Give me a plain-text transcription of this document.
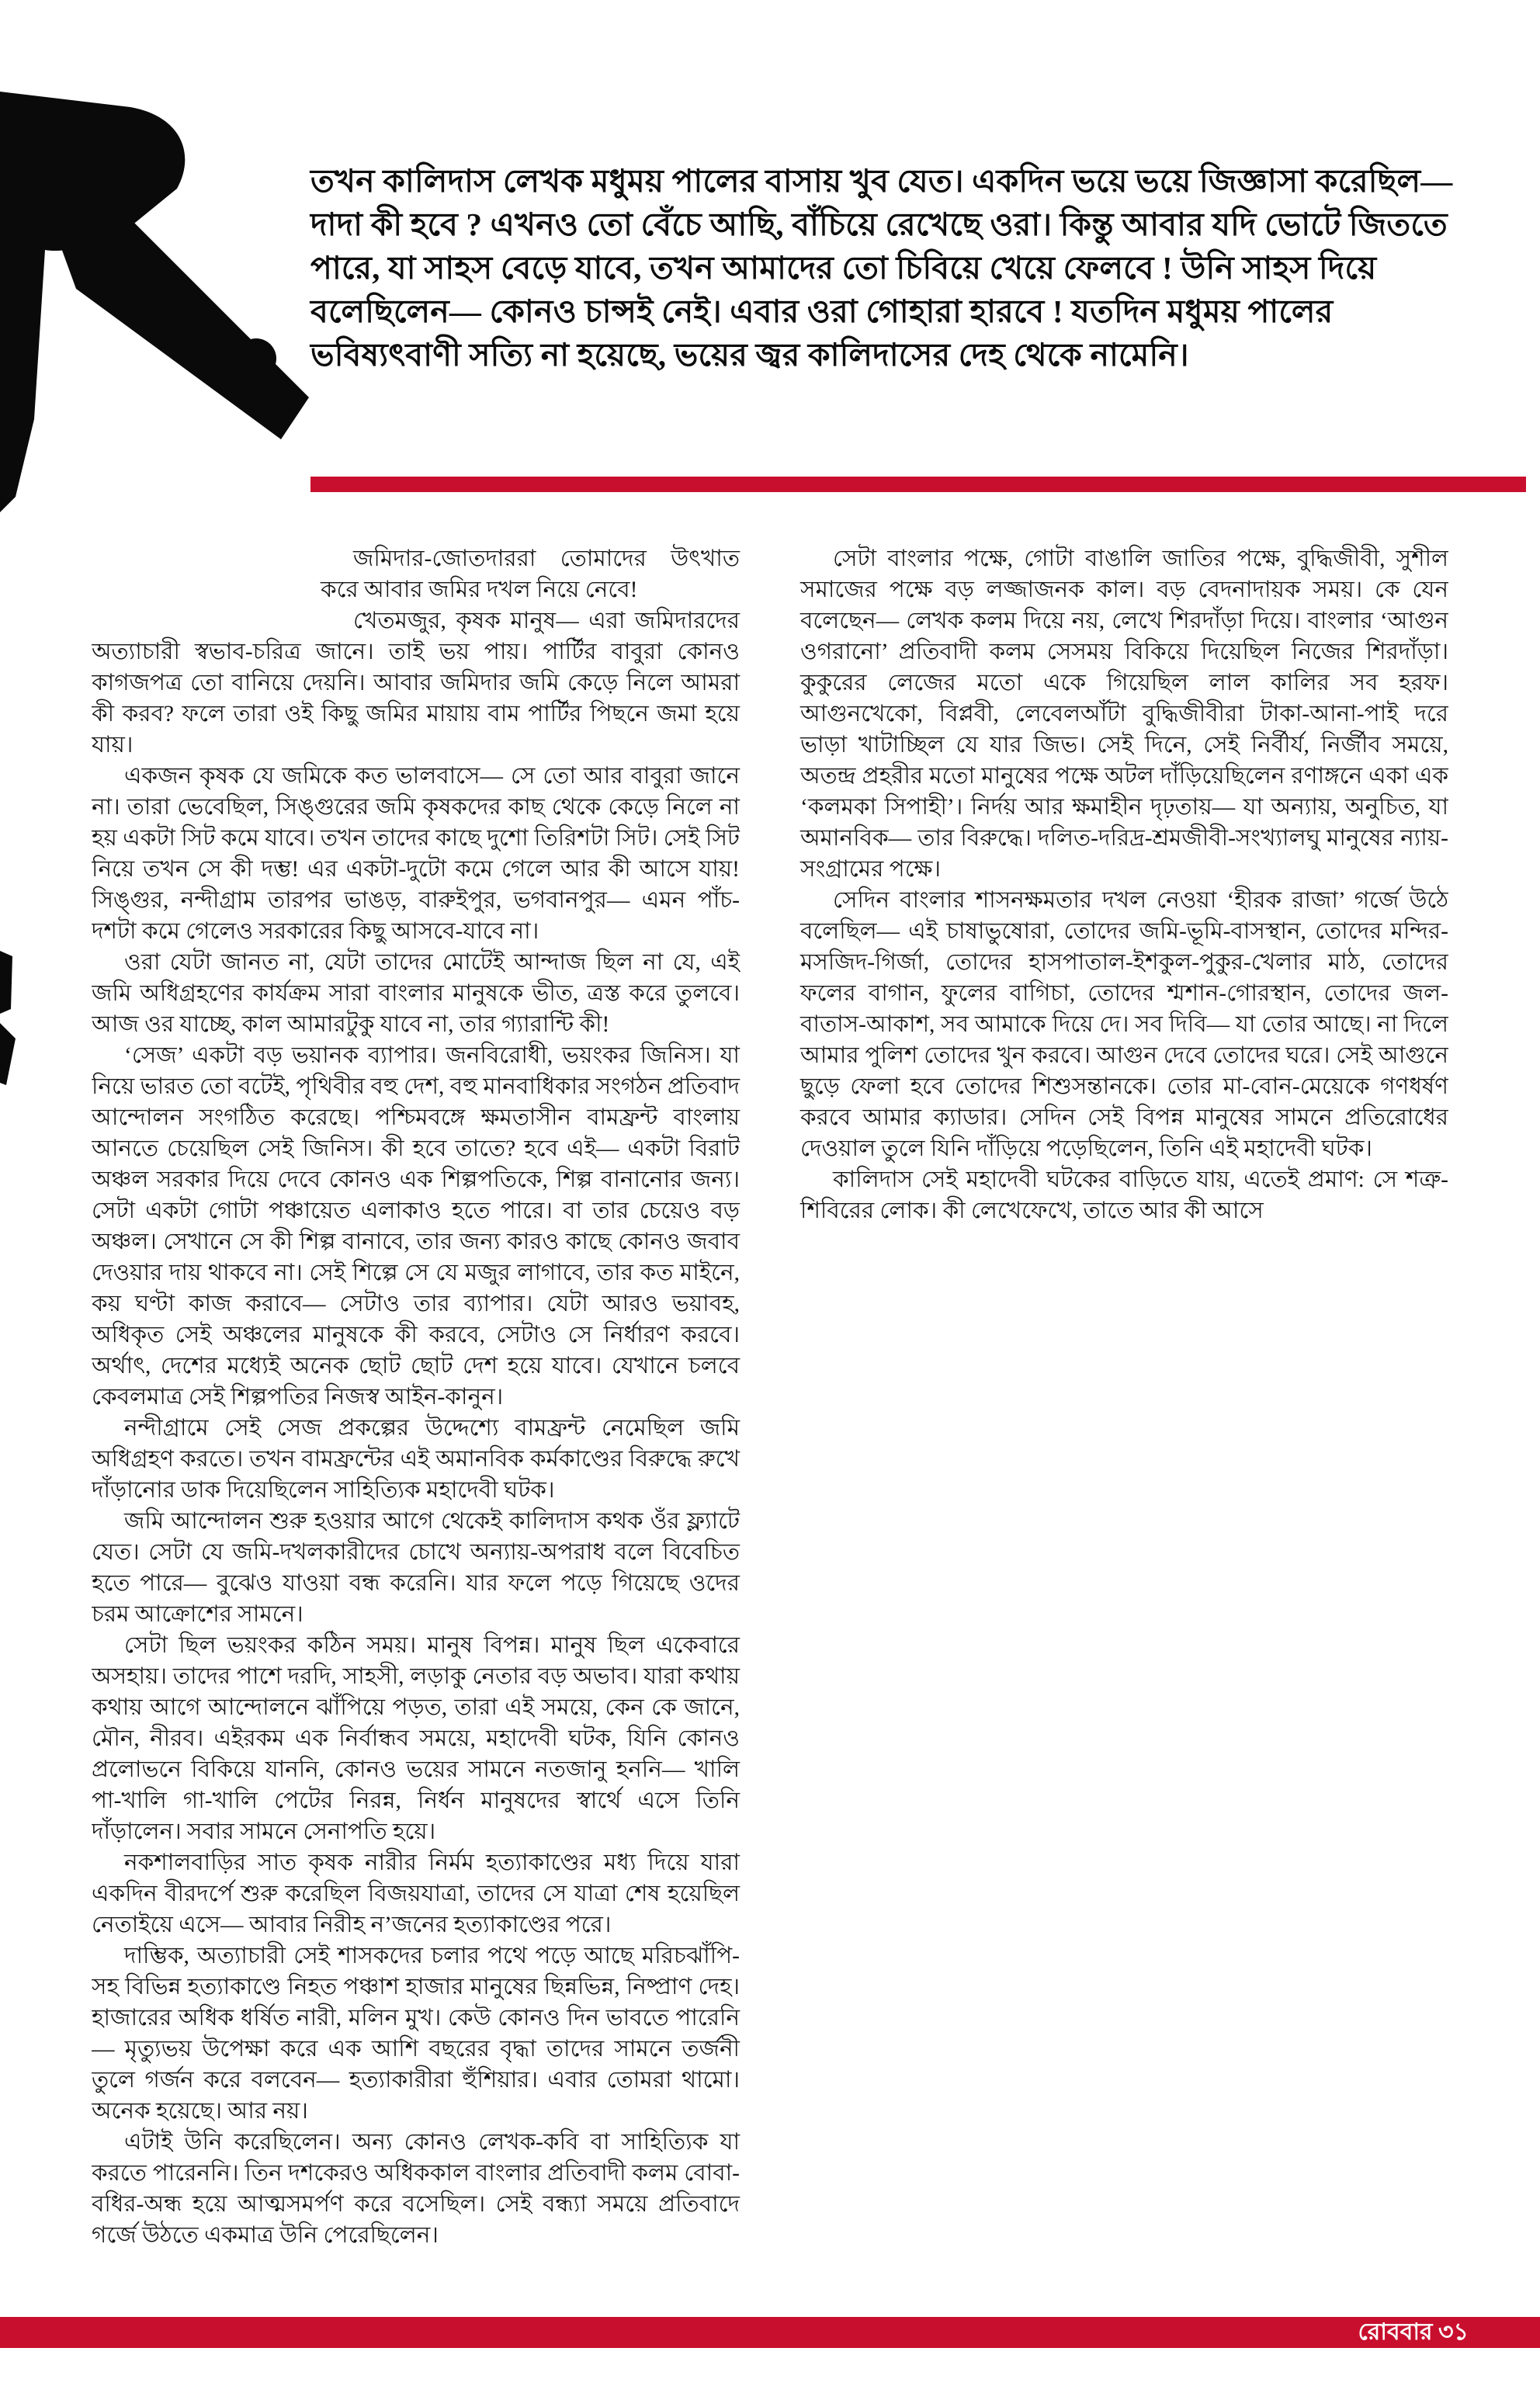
তখন কালিদাস লেখক মধুময় পালের বাসায় খুব যেত। একদিন ভয়ে ভয়ে জিজ্ঞাসা করেছিল— দাদা কী হবে ? এখনও তো বেঁচে আছি, বাঁচিয়ে রেখেছে ওরা। কিন্তু আবার যদি ভোটে জিততে পারে, যা সাহস বেড়ে যাবে, তখন আমাদের তো চিবিয়ে খেয়ে ফেলবে ! উনি সাহস দিয়ে বলেছিলেন— কোনও চান্সই নেই। এবার ওরা গোহারা হারবে ! যতদিন মধুময় পালের ভবিষ্যৎবাণী সত্যি না হয়েছে, ভয়ের জ্বর কালিদাসের দেহ থেকে নামেনি।

জমিদার-জোতদাররা তোমাদের উৎখাত করে আবার জমির দখল নিয়ে নেবে!

খেতমজুর, কৃষক মানুষ— এরা জমিদারদের অত্যাচারী স্বভাব-চরিত্র জানে। তাই ভয় পায়। পার্টির বাবুরা কোনও কাগজপত্র তো বানিয়ে দেয়নি। আবার জমিদার জমি কেড়ে নিলে আমরা কী করব? ফলে তারা ওই কিছু জমির মায়ায় বাম পার্টির পিছনে জমা হয়ে যায়।

একজন কৃষক যে জমিকে কত ভালবাসে— সে তো আর বাবুরা জানে না। তারা ভেবেছিল, সিঙ্গুরের জমি কৃষকদের কাছ থেকে কেড়ে নিলে না হয় একটা সিট কমে যাবে। তখন তাদের কাছে দুশো তিরিশটা সিট। সেই সিট নিয়ে তখন সে কী দম্ভ! এর একটা-দুটো কমে গেলে আর কী আসে যায়! সিঙ্গুর, নন্দীগ্রাম তারপর ভাঙড়, বারুইপুর, ভগবানপুর— এমন পাঁচ-দশটা কমে গেলেও সরকারের কিছু আসবে-যাবে না।

ওরা যেটা জানত না, যেটা তাদের মোটেই আন্দাজ ছিল না যে, এই জমি অধিগ্রহণের কার্যক্রম সারা বাংলার মানুষকে ভীত, ত্রস্ত করে তুলবে। আজ ওর যাচ্ছে, কাল আমারটুকু যাবে না, তার গ্যারান্টি কী!

‘সেজ’ একটা বড় ভয়ানক ব্যাপার। জনবিরোধী, ভয়ংকর জিনিস। যা নিয়ে ভারত তো বটেই, পৃথিবীর বহু দেশ, বহু মানবাধিকার সংগঠন প্রতিবাদ আন্দোলন সংগঠিত করেছে। পশ্চিমবঙ্গে ক্ষমতাসীন বামফ্রন্ট বাংলায় আনতে চেয়েছিল সেই জিনিস। কী হবে তাতে? হবে এই— একটা বিরাট অঞ্চল সরকার দিয়ে দেবে কোনও এক শিল্পপতিকে, শিল্প বানানোর জন্য। সেটা একটা গোটা পঞ্চায়েত এলাকাও হতে পারে। বা তার চেয়েও বড় অঞ্চল। সেখানে সে কী শিল্প বানাবে, তার জন্য কারও কাছে কোনও জবাব দেওয়ার দায় থাকবে না। সেই শিল্পে সে যে মজুর লাগাবে, তার কত মাইনে, কয় ঘণ্টা কাজ করাবে— সেটাও তার ব্যাপার। যেটা আরও ভয়াবহ, অধিকৃত সেই অঞ্চলের মানুষকে কী করবে, সেটাও সে নির্ধারণ করবে। অর্থাৎ, দেশের মধ্যেই অনেক ছোট ছোট দেশ হয়ে যাবে। যেখানে চলবে কেবলমাত্র সেই শিল্পপতির নিজস্ব আইন-কানুন।

নন্দীগ্রামে সেই সেজ প্রকল্পের উদ্দেশ্যে বামফ্রন্ট নেমেছিল জমি অধিগ্রহণ করতে। তখন বামফ্রন্টের এই অমানবিক কর্মকাণ্ডের বিরুদ্ধে রুখে দাঁড়ানোর ডাক দিয়েছিলেন সাহিত্যিক মহাদেবী ঘটক।

জমি আন্দোলন শুরু হওয়ার আগে থেকেই কালিদাস কথক ওঁর ফ্ল্যাটে যেত। সেটা যে জমি-দখলকারীদের চোখে অন্যায়-অপরাধ বলে বিবেচিত হতে পারে— বুঝেও যাওয়া বন্ধ করেনি। যার ফলে পড়ে গিয়েছে ওদের চরম আক্রোশের সামনে।

সেটা ছিল ভয়ংকর কঠিন সময়। মানুষ বিপন্ন। মানুষ ছিল একেবারে অসহায়। তাদের পাশে দরদি, সাহসী, লড়াকু নেতার বড় অভাব। যারা কথায় কথায় আগে আন্দোলনে ঝাঁপিয়ে পড়ত, তারা এই সময়ে, কেন কে জানে, মৌন, নীরব। এইরকম এক নির্বান্ধব সময়ে, মহাদেবী ঘটক, যিনি কোনও প্রলোভনে বিকিয়ে যাননি, কোনও ভয়ের সামনে নতজানু হননি— খালি পা-খালি গা-খালি পেটের নিরন্ন, নির্ধন মানুষদের স্বার্থে এসে তিনি দাঁড়ালেন। সবার সামনে সেনাপতি হয়ে।

নকশালবাড়ির সাত কৃষক নারীর নির্মম হত্যাকাণ্ডের মধ্য দিয়ে যারা একদিন বীরদর্পে শুরু করেছিল বিজয়যাত্রা, তাদের সে যাত্রা শেষ হয়েছিল নেতাইয়ে এসে— আবার নিরীহ ন’জনের হত্যাকাণ্ডের পরে।

দাম্ভিক, অত্যাচারী সেই শাসকদের চলার পথে পড়ে আছে মরিচঝাঁপি-সহ বিভিন্ন হত্যাকাণ্ডে নিহত পঞ্চাশ হাজার মানুষের ছিন্নভিন্ন, নিষ্প্রাণ দেহ। হাজারের অধিক ধর্ষিত নারী, মলিন মুখ। কেউ কোনও দিন ভাবতে পারেনি— মৃত্যুভয় উপেক্ষা করে এক আশি বছরের বৃদ্ধা তাদের সামনে তর্জনী তুলে গর্জন করে বলবেন— হত্যাকারীরা হুঁশিয়ার। এবার তোমরা থামো। অনেক হয়েছে। আর নয়।

এটাই উনি করেছিলেন। অন্য কোনও লেখক-কবি বা সাহিত্যিক যা করতে পারেননি। তিন দশকেরও অধিককাল বাংলার প্রতিবাদী কলম বোবা-বধির-অন্ধ হয়ে আত্মসমর্পণ করে বসেছিল। সেই বন্ধ্যা সময়ে প্রতিবাদে গর্জে উঠতে একমাত্র উনি পেরেছিলেন।

সেটা বাংলার পক্ষে, গোটা বাঙালি জাতির পক্ষে, বুদ্ধিজীবী, সুশীল সমাজের পক্ষে বড় লজ্জাজনক কাল। বড় বেদনাদায়ক সময়। কে যেন বলেছেন— লেখক কলম দিয়ে নয়, লেখে শিরদাঁড়া দিয়ে। বাংলার ‘আগুন ওগরানো’ প্রতিবাদী কলম সেসময় বিকিয়ে দিয়েছিল নিজের শিরদাঁড়া। কুকুরের লেজের মতো একে গিয়েছিল লাল কালির সব হরফ। আগুনখেকো, বিপ্লবী, লেবেলআঁটা বুদ্ধিজীবীরা টাকা-আনা-পাই দরে ভাড়া খাটাচ্ছিল যে যার জিভ। সেই দিনে, সেই নির্বীর্য, নির্জীব সময়ে, অতন্দ্র প্রহরীর মতো মানুষের পক্ষে অটল দাঁড়িয়েছিলেন রণাঙ্গনে একা এক ‘কলমকা সিপাহী’। নির্দয় আর ক্ষমাহীন দৃঢ়তায়— যা অন্যায়, অনুচিত, যা অমানবিক— তার বিরুদ্ধে। দলিত-দরিদ্র-শ্রমজীবী-সংখ্যালঘু মানুষের ন্যায়-সংগ্রামের পক্ষে।

সেদিন বাংলার শাসনক্ষমতার দখল নেওয়া ‘হীরক রাজা’ গর্জে উঠে বলেছিল— এই চাষাভুষোরা, তোদের জমি-ভূমি-বাসস্থান, তোদের মন্দির-মসজিদ-গির্জা, তোদের হাসপাতাল-ইশকুল-পুকুর-খেলার মাঠ, তোদের ফলের বাগান, ফুলের বাগিচা, তোদের শ্মশান-গোরস্থান, তোদের জল-বাতাস-আকাশ, সব আমাকে দিয়ে দে। সব দিবি— যা তোর আছে। না দিলে আমার পুলিশ তোদের খুন করবে। আগুন দেবে তোদের ঘরে। সেই আগুনে ছুড়ে ফেলা হবে তোদের শিশুসন্তানকে। তোর মা-বোন-মেয়েকে গণধর্ষণ করবে আমার ক্যাডার। সেদিন সেই বিপন্ন মানুষের সামনে প্রতিরোধের দেওয়াল তুলে যিনি দাঁড়িয়ে পড়েছিলেন, তিনি এই মহাদেবী ঘটক।

কালিদাস সেই মহাদেবী ঘটকের বাড়িতে যায়, এতেই প্রমাণ: সে শত্রু-শিবিরের লোক। কী লেখেফেখে, তাতে আর কী আসে

রোববার ৩১
